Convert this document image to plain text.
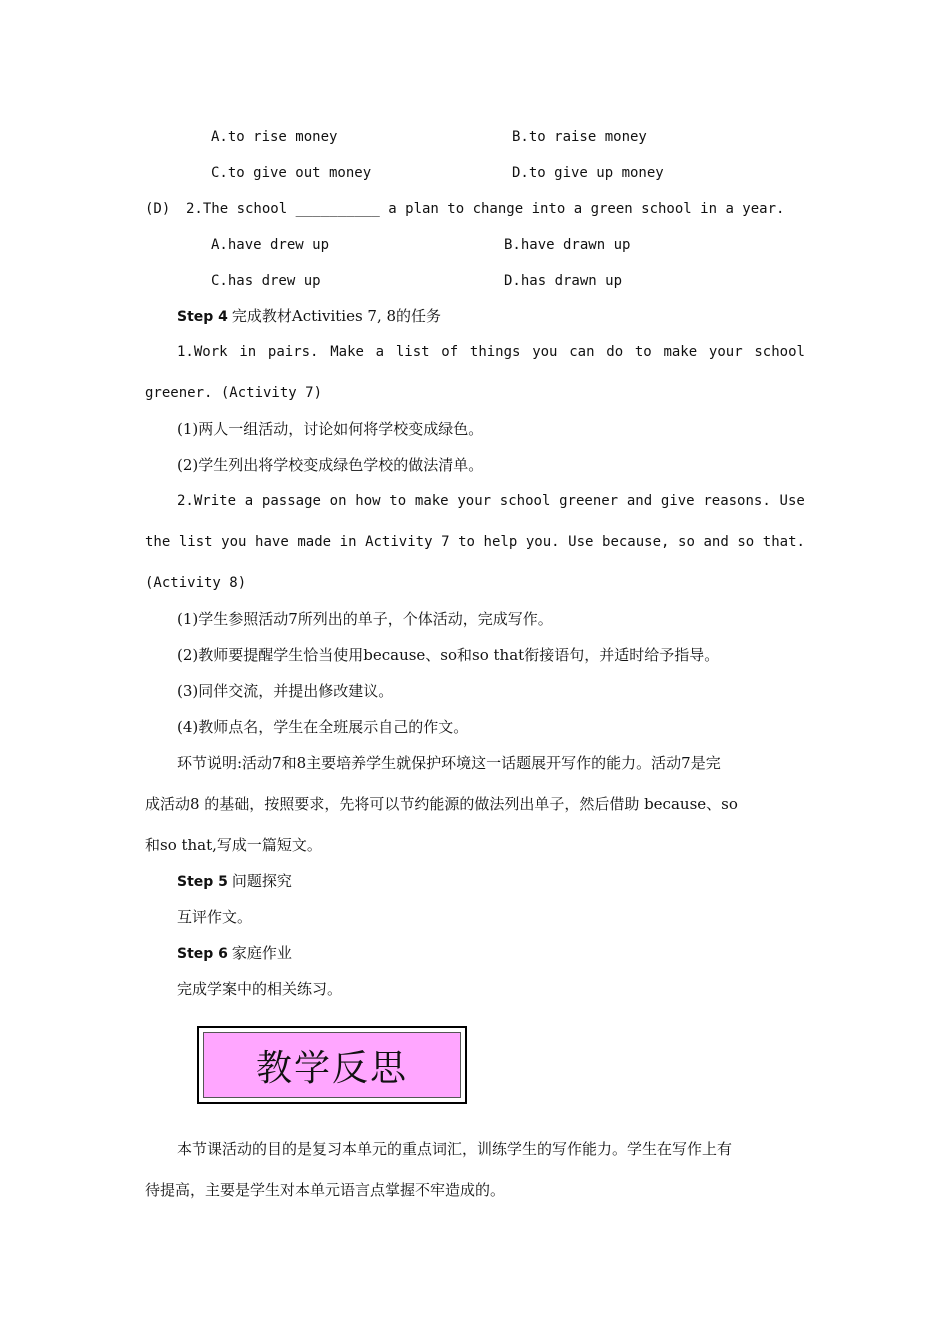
A.to rise money	B.to raise money
C.to give out money	D.to give up money
(D) 2.The school __________ a plan to change into a green school in a year.
A.have drew up	B.have drawn up
C.has drew up	D.has drawn up
Step 4 完成教材Activities 7, 8的任务
1.Work in pairs. Make a list of things you can do to make your school
greener. (Activity 7)
(1)两人一组活动，讨论如何将学校变成绿色。
(2)学生列出将学校变成绿色学校的做法清单。
2.Write a passage on how to make your school greener and give reasons. Use
the list you have made in Activity 7 to help you. Use because, so and so that.
(Activity 8)
(1)学生参照活动7所列出的单子，个体活动，完成写作。
(2)教师要提醒学生恰当使用because、so和so that衔接语句，并适时给予指导。
(3)同伴交流，并提出修改建议。
(4)教师点名，学生在全班展示自己的作文。
环节说明:活动7和8主要培养学生就保护环境这一话题展开写作的能力。活动7是完
成活动8 的基础，按照要求，先将可以节约能源的做法列出单子，然后借助 because、so
和so that,写成一篇短文。
Step 5 问题探究
互评作文。
Step 6 家庭作业
完成学案中的相关练习。
教学反思
本节课活动的目的是复习本单元的重点词汇，训练学生的写作能力。学生在写作上有
待提高，主要是学生对本单元语言点掌握不牢造成的。
